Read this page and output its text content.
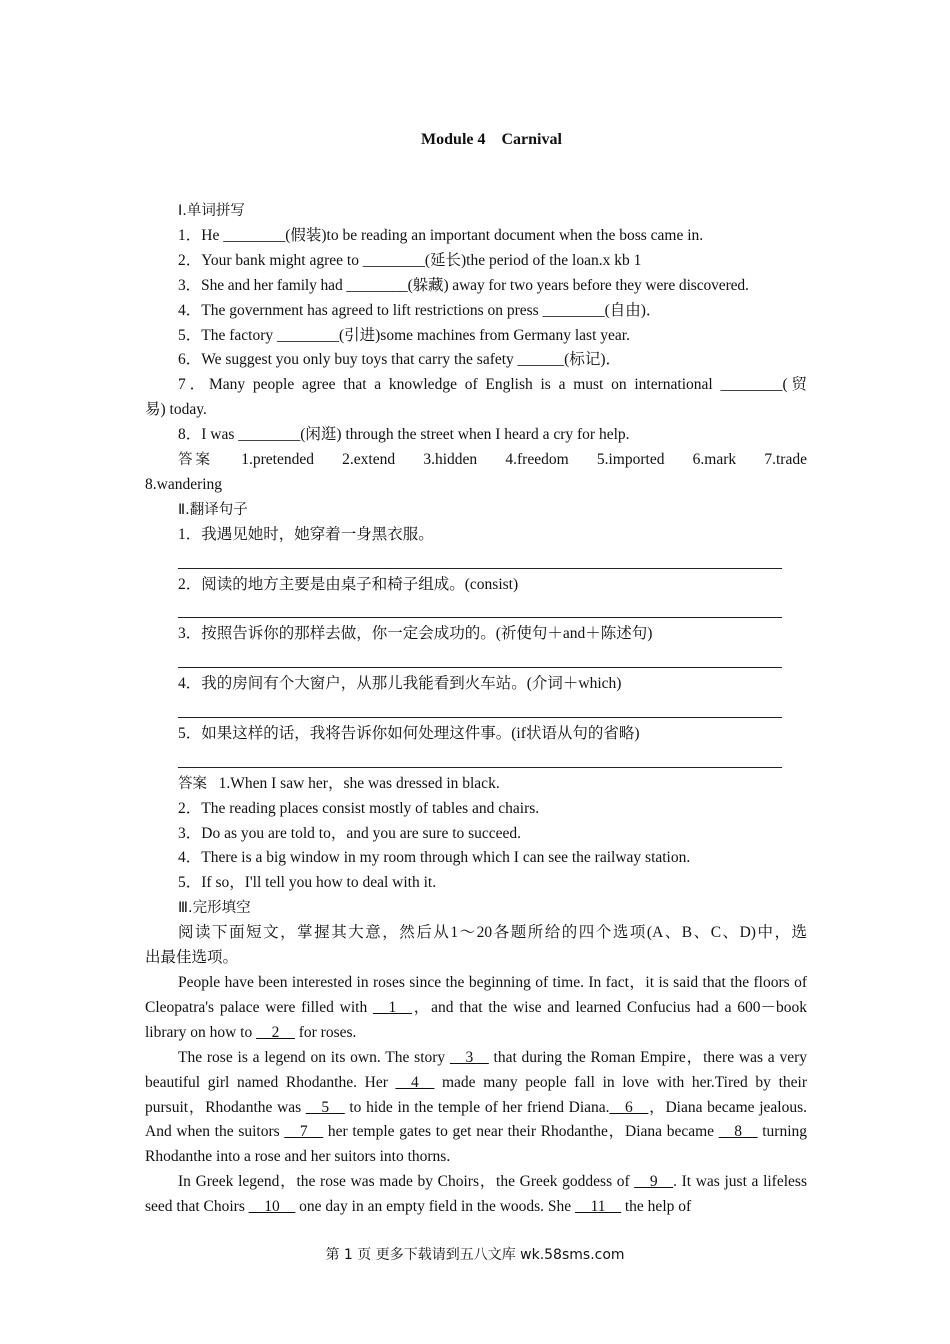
Module 4　Carnival
Ⅰ.单词拼写
1．He ________(假装)to be reading an important document when the boss came in.
2．Your bank might agree to ________(延长)the period of the loan.x kb 1
3．She and her family had ________(躲藏) away for two years before they were discovered.
4．The government has agreed to lift restrictions on press ________(自由)．
5．The factory ________(引进)some machines from Germany last year.
6．We suggest you only buy toys that carry the safety ______(标记)．
7．Many people agree that a knowledge of English is a must on international ________(贸
易) today.
8．I was ________(闲逛) through the street when I heard a cry for help.
答案 1.pretended 2.extend 3.hidden 4.freedom 5.imported 6.mark 7.trade
8.wandering
Ⅱ.翻译句子
1．我遇见她时，她穿着一身黑衣服。
2．阅读的地方主要是由桌子和椅子组成。(consist)
3．按照告诉你的那样去做，你一定会成功的。(祈使句＋and＋陈述句)
4．我的房间有个大窗户，从那儿我能看到火车站。(介词＋which)
5．如果这样的话，我将告诉你如何处理这件事。(if状语从句的省略)
答案 1.When I saw her，she was dressed in black.
2．The reading places consist mostly of tables and chairs.
3．Do as you are told to，and you are sure to succeed.
4．There is a big window in my room through which I can see the railway station.
5．If so，I'll tell you how to deal with it.
Ⅲ.完形填空
阅读下面短文，掌握其大意，然后从1～20各题所给的四个选项(A、B、C、D)中，选
出最佳选项。

People have been interested in roses since the beginning of time. In fact，it is said that the floors of Cleopatra's palace were filled with __1__，and that the wise and learned Confucius had a 600－book library on how to __2__ for roses.

The rose is a legend on its own. The story __3__ that during the Roman Empire，there was a very beautiful girl named Rhodanthe. Her __4__ made many people fall in love with her.Tired by their pursuit，Rhodanthe was __5__ to hide in the temple of her friend Diana.__6__，Diana became jealous. And when the suitors __7__ her temple gates to get near their Rhodanthe，Diana became __8__ turning Rhodanthe into a rose and her suitors into thorns.

In Greek legend，the rose was made by Choirs，the Greek goddess of __9__. It was just a lifeless seed that Choirs __10__ one day in an empty field in the woods. She __11__ the help of

第 1 页 更多下载请到五八文库 wk.58sms.com
